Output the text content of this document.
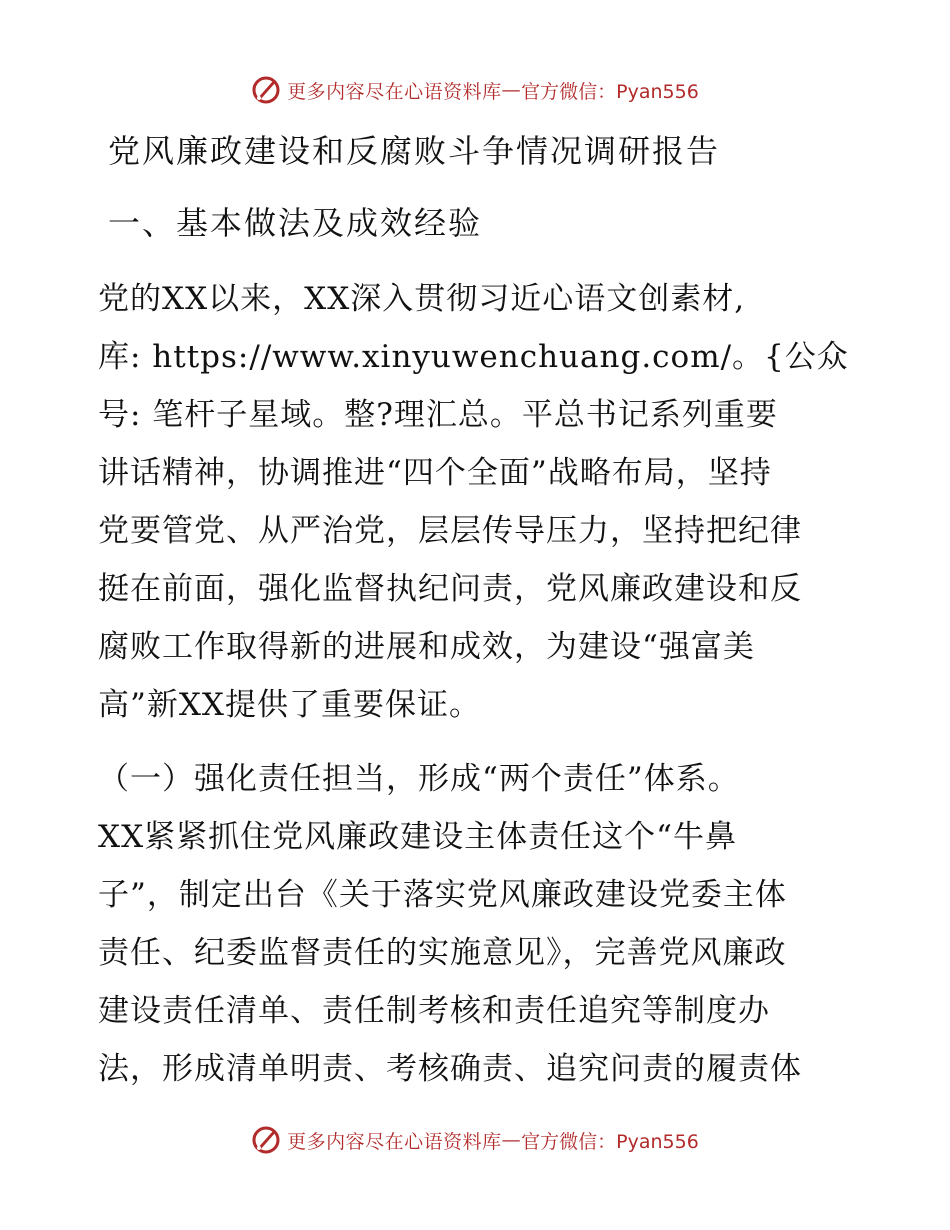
更多内容尽在心语资料库 — 官方微信：Pyan556
党风廉政建设和反腐败斗争情况调研报告
一、基本做法及成效经验

党的XX以来，XX深入贯彻习近心语文创素材,
库: https://www.xinyuwenchuang.com/。{公众
号: 笔杆子星域。整?理汇总。平总书记系列重要
讲话精神，协调推进“四个全面”战略布局，坚持
党要管党、从严治党，层层传导压力，坚持把纪律
挺在前面，强化监督执纪问责，党风廉政建设和反
腐败工作取得新的进展和成效，为建设“强富美
高”新XX提供了重要保证。

（一）强化责任担当，形成“两个责任”体系。
XX紧紧抓住党风廉政建设主体责任这个“牛鼻
子”，制定出台《关于落实党风廉政建设党委主体
责任、纪委监督责任的实施意见》，完善党风廉政
建设责任清单、责任制考核和责任追究等制度办
法，形成清单明责、考核确责、追究问责的履责体

更多内容尽在心语资料库 — 官方微信：Pyan556
